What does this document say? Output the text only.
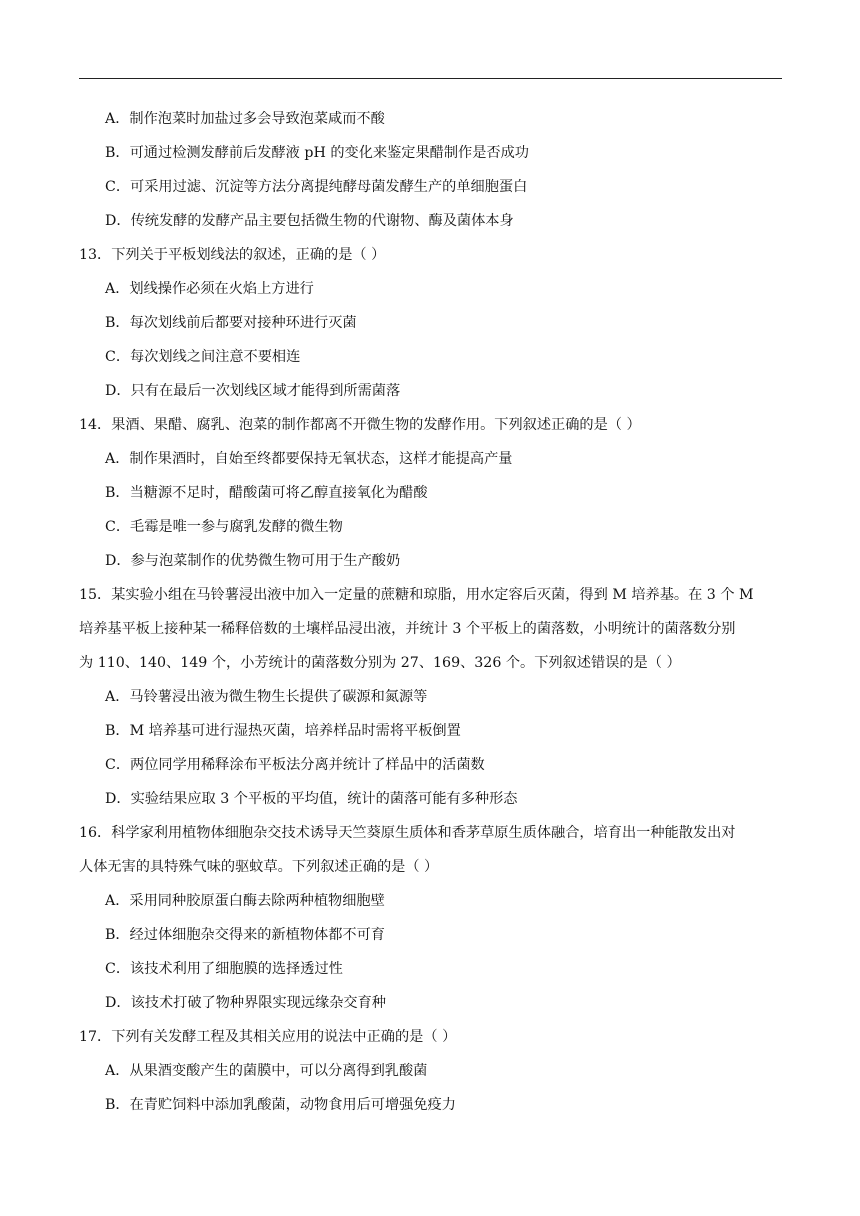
A．制作泡菜时加盐过多会导致泡菜咸而不酸
B．可通过检测发酵前后发酵液 pH 的变化来鉴定果醋制作是否成功
C．可采用过滤、沉淀等方法分离提纯酵母菌发酵生产的单细胞蛋白
D．传统发酵的发酵产品主要包括微生物的代谢物、酶及菌体本身
13．下列关于平板划线法的叙述，正确的是（ ）
A．划线操作必须在火焰上方进行
B．每次划线前后都要对接种环进行灭菌
C．每次划线之间注意不要相连
D．只有在最后一次划线区域才能得到所需菌落
14．果酒、果醋、腐乳、泡菜的制作都离不开微生物的发酵作用。下列叙述正确的是（ ）
A．制作果酒时，自始至终都要保持无氧状态，这样才能提高产量
B．当糖源不足时，醋酸菌可将乙醇直接氧化为醋酸
C．毛霉是唯一参与腐乳发酵的微生物
D．参与泡菜制作的优势微生物可用于生产酸奶
15．某实验小组在马铃薯浸出液中加入一定量的蔗糖和琼脂，用水定容后灭菌，得到 M 培养基。在 3 个 M
培养基平板上接种某一稀释倍数的土壤样品浸出液，并统计 3 个平板上的菌落数，小明统计的菌落数分别
为 110、140、149 个，小芳统计的菌落数分别为 27、169、326 个。下列叙述错误的是（ ）
A．马铃薯浸出液为微生物生长提供了碳源和氮源等
B．M 培养基可进行湿热灭菌，培养样品时需将平板倒置
C．两位同学用稀释涂布平板法分离并统计了样品中的活菌数
D．实验结果应取 3 个平板的平均值，统计的菌落可能有多种形态
16．科学家利用植物体细胞杂交技术诱导天竺葵原生质体和香茅草原生质体融合，培育出一种能散发出对
人体无害的具特殊气味的驱蚊草。下列叙述正确的是（ ）
A．采用同种胶原蛋白酶去除两种植物细胞壁
B．经过体细胞杂交得来的新植物体都不可育
C．该技术利用了细胞膜的选择透过性
D．该技术打破了物种界限实现远缘杂交育种
17．下列有关发酵工程及其相关应用的说法中正确的是（ ）
A．从果酒变酸产生的菌膜中，可以分离得到乳酸菌
B．在青贮饲料中添加乳酸菌，动物食用后可增强免疫力
